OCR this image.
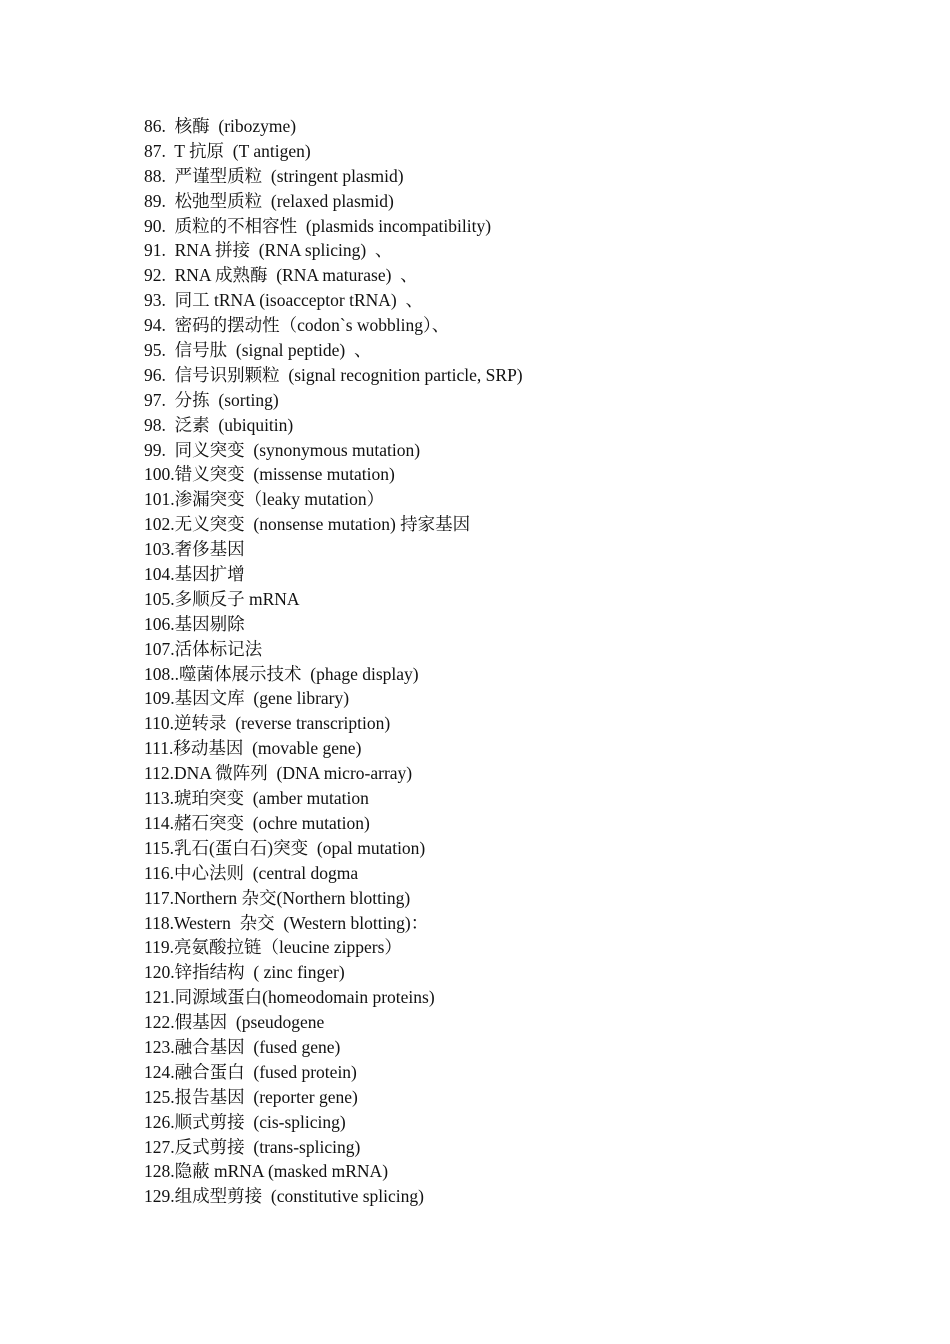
86.  核酶  (ribozyme)
87.  T 抗原  (T antigen)
88.  严谨型质粒  (stringent plasmid)
89.  松弛型质粒  (relaxed plasmid)
90.  质粒的不相容性  (plasmids incompatibility)
91.  RNA 拼接  (RNA splicing)  、
92.  RNA 成熟酶  (RNA maturase)  、
93.  同工 tRNA (isoacceptor tRNA)  、
94.  密码的摆动性（codon`s wobbling）、
95.  信号肽  (signal peptide)  、
96.  信号识别颗粒  (signal recognition particle, SRP)
97.  分拣  (sorting)
98.  泛素  (ubiquitin)
99.  同义突变  (synonymous mutation)
100.错义突变  (missense mutation)
101.渗漏突变（leaky mutation）
102.无义突变  (nonsense mutation) 持家基因
103.奢侈基因
104.基因扩增
105.多顺反子 mRNA
106.基因剔除
107.活体标记法
108..噬菌体展示技术  (phage display)
109.基因文库  (gene library)
110.逆转录  (reverse transcription)
111.移动基因  (movable gene)
112.DNA 微阵列  (DNA micro-array)
113.琥珀突变  (amber mutation
114.赭石突变  (ochre mutation)
115.乳石(蛋白石)突变  (opal mutation)
116.中心法则  (central dogma
117.Northern 杂交(Northern blotting)
118.Western  杂交  (Western blotting)：
119.亮氨酸拉链（leucine zippers）
120.锌指结构  ( zinc finger)
121.同源域蛋白(homeodomain proteins)
122.假基因  (pseudogene
123.融合基因  (fused gene)
124.融合蛋白  (fused protein)
125.报告基因  (reporter gene)
126.顺式剪接  (cis-splicing)
127.反式剪接  (trans-splicing)
128.隐蔽 mRNA (masked mRNA)
129.组成型剪接  (constitutive splicing)
